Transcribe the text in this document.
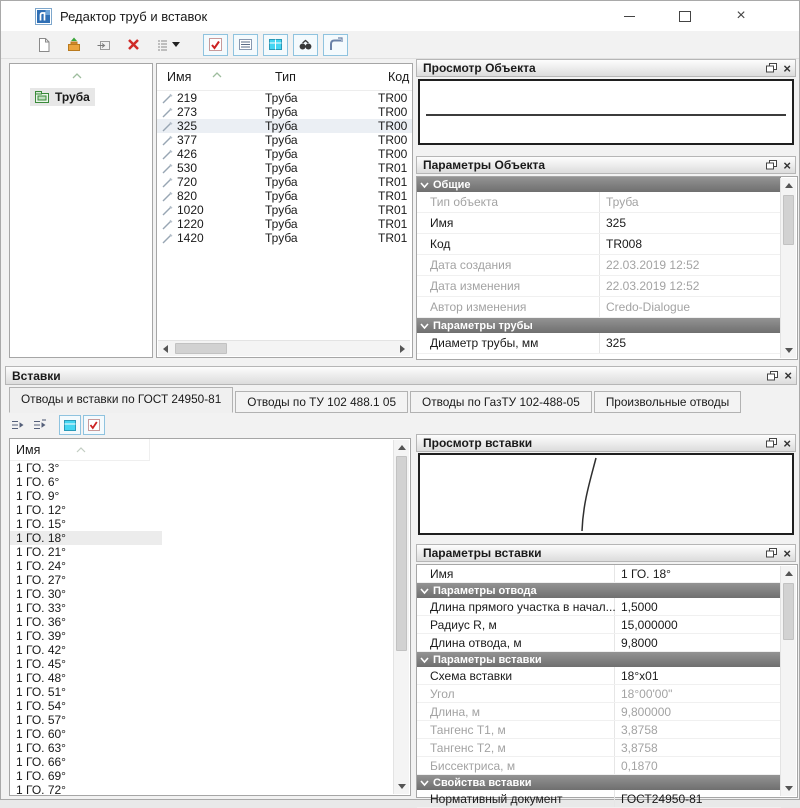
Редактор труб и вставок	×
Труба
Имя	Тип	Код
219	Труба	TR00
273	Труба	TR00
325	Труба	TR00
377	Труба	TR00
426	Труба	TR00
530	Труба	TR01
720	Труба	TR01
820	Труба	TR01
1020	Труба	TR01
1220	Труба	TR01
1420	Труба	TR01
Просмотр Объекта	×
Параметры Объекта	×
Общие
Тип объекта	Труба
Имя	325
Код	TR008
Дата создания	22.03.2019 12:52
Дата изменения	22.03.2019 12:52
Автор изменения	Credo-Dialogue
Параметры трубы
Диаметр трубы, мм	325
Вставки	×
Отводы и вставки по ГОСТ 24950-81	Отводы по ТУ 102 488.1 05	Отводы по ГазТУ 102-488-05	Произвольные отводы
Имя
1 ГО. 3°
1 ГО. 6°
1 ГО. 9°
1 ГО. 12°
1 ГО. 15°
1 ГО. 18°
1 ГО. 21°
1 ГО. 24°
1 ГО. 27°
1 ГО. 30°
1 ГО. 33°
1 ГО. 36°
1 ГО. 39°
1 ГО. 42°
1 ГО. 45°
1 ГО. 48°
1 ГО. 51°
1 ГО. 54°
1 ГО. 57°
1 ГО. 60°
1 ГО. 63°
1 ГО. 66°
1 ГО. 69°
1 ГО. 72°
Просмотр вставки	×
Параметры вставки	×
Имя	1 ГО. 18°
Параметры отвода
Длина прямого участка в начал... 1,5000
Радиус R, м	15,000000
Длина отвода, м	9,8000
Параметры вставки
Схема вставки	18°x01
Угол	18°00'00"
Длина, м	9,800000
Тангенс Т1, м	3,8758
Тангенс Т2, м	3,8758
Биссектриса, м	0,1870
Свойства вставки
Нормативный документ	ГОСТ24950-81
